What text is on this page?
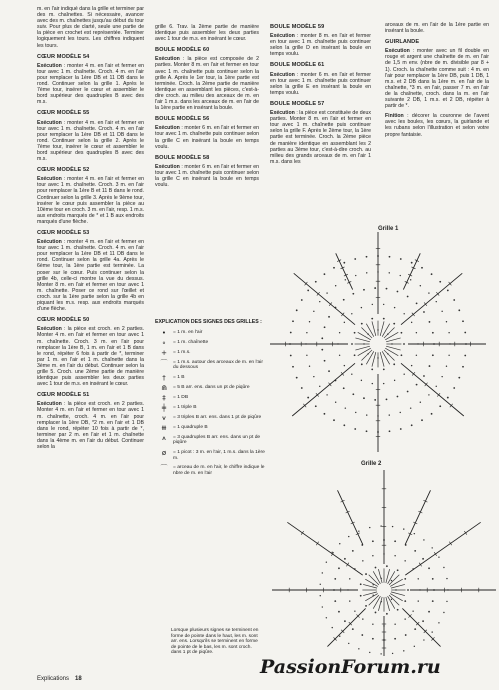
m. en l'air indiqué dans la grille et terminer par des m. chaînettes. Si nécessaire, avancer avec des m. chaînettes jusqu'au début du tour suiv. Pour plus de clarté, seule une partie de la pièce en crochet est représentée. Terminer logiquement les tours. Les chiffres indiquent les tours.

CŒUR MODÈLE 54

Exécution : monter 4 m. en l'air et fermer en tour avec 1 m. chaînette. Croch. 4 m. en l'air pour remplacer la 1ère DB et 11 DB dans le rond. Continuer selon la grille 1. Après le 7ème tour, insérer le cœur et assembler le bord supérieur des quadruples B avec des m.s.

CŒUR MODÈLE 55

Exécution : monter 4 m. en l'air et fermer en tour avec 1 m. chaînette. Croch. 4 m. en l'air pour remplacer la 1ère DB et 11 DB dans le rond. Continuer selon la grille 2. Après le 7ème tour, insérer le cœur et assembler le bord supérieur des quadruples B avec des m.s.

CŒUR MODÈLE 52

Exécution : monter 4 m. en l'air et fermer en tour avec 1 m. chaînette. Croch. 3 m. en l'air pour remplacer la 1ère B et 11 B dans le rond. Continuer selon la grille 3. Après le 9ème tour, insérer le cœur puis assembler la pièce au 10ème tour en croch. 3 m. en l'air, resp. 1 m.s. aux endroits marqués de * et 1 B aux endroits marqués d'une flèche.

CŒUR MODÈLE 53

Exécution : monter 4 m. en l'air et fermer en tour avec 1 m. chaînette. Croch. 4 m. en l'air pour remplacer la 1ère DB et 11 DB dans le rond. Continuer selon la grille 4a. Après le 6ème tour, la 1ère partie est terminée. La poser sur le cœur. Puis continuer selon la grille 4b, celle-ci montre la vue du dessus. Monter 8 m. en l'air et fermer en tour avec 1 m. chaînette. Poser ce rond sur l'œillet et croch. sur la 1ère partie selon la grille 4b en piquant les m.s. resp. aux endroits marqués d'une flèche.

CŒUR MODÈLE 50

Exécution : la pièce est croch. en 2 parties. Monter 4 m. en l'air et fermer en tour avec 1 m. chaînette. Croch. 3 m. en l'air pour remplacer la 1ère B, 1 m. en l'air et 1 B dans le rond, répéter 6 fois à partir de *, terminer par 1 m. en l'air et 1 m. chaînette dans la 3ème m. en l'air du début. Continuer selon la grille 5. Croch. une 2ème partie de manière identique puis assembler les deux parties avec 1 tour de m.s. en insérant le cœur.

CŒUR MODÈLE 51

Exécution : la pièce est croch. en 2 parties. Monter 4 m. en l'air et fermer en tour avec 1 m. chaînette, croch. 4 m. en l'air pour remplacer la 1ère DB, *2 m. en l'air et 1 DB dans le rond, répéter 10 fois à partir de *, terminer par 2 m. en l'air et 1 m. chaînette dans la 4ème m. en l'air du début. Continuer selon la

grille 6. Trav. la 2ème partie de manière identique puis assembler les deux parties avec 1 tour de m.s. en insérant le cœur.

BOULE MODÈLE 60

Exécution : la pièce est composée de 2 parties. Monter 8 m. en l'air et fermer en tour avec 1 m. chaînette puis continuer selon la grille A. Après le 1er tour, la 1ère partie est terminée. Croch. la 2ème partie de manière identique en assemblant les pièces, c'est-à-dire croch. au milieu des arceaux de m. en l'air 1 m.s. dans les arceaux de m. en l'air de la 1ère partie en insérant la boule.

BOULE MODÈLE 56

Exécution : monter 6 m. en l'air et fermer en tour avec 1 m. chaînette puis continuer selon la grille C en insérant la boule en temps voulu.

BOULE MODÈLE 58

Exécution : monter 6 m. en l'air et fermer en tour avec 1 m. chaînette puis continuer selon la grille C en insérant la boule en temps voulu.

EXPLICATION DES SIGNES DES GRILLES :
•	= 1 m. en l'air
∘	= 1 m. chaînette
+	= 1 m.s.
⌒	= 1 m.s. autour des arceaux de m. en l'air du dessous
†	= 1 B
⋒	= 5 B arr. ens. dans un pt de piqûre
‡	= 1 DB
╪	= 1 triple B
⩛	= 3 triples B arr. ens. dans 1 pt de piqûre
⧻	= 1 quadruple B
⩚	= 3 quadruples B arr. ens. dans un pt de piqûre
ø	= 1 picot : 3 m. en l'air, 1 m.s. dans la 1ère m.
⌒	= arceau de m. en l'air, le chiffre indique le nbre de m. en l'air
Lorsque plusieurs signes se terminent en forme de pointe dans le haut, les m. sont arr. ens. Lorsqu'ils se terminent en forme de pointe de le bas, les m. sont croch. dans 1 pt de piqûre.
BOULE MODÈLE 59

Exécution : monter 8 m. en l'air et fermer en tour avec 1 m. chaînette puis continuer selon la grille D en insérant la boule en temps voulu.

BOULE MODÈLE 61

Exécution : monter 6 m. en l'air et fermer en tour avec 1 m. chaînette puis continuer selon la grille E en insérant la boule en temps voulu.

BOULE MODÈLE 57

Exécution : la pièce est constituée de deux parties. Monter 8 m. en l'air et fermer en tour avec 1 m. chaînette puis continuer selon la grille F. Après le 2ème tour, la 1ère partie est terminée. Croch. la 2ème pièce de manière identique en assemblant les 2 parties au 3ème tour, c'est-à-dire croch. au milieu des grands arceaux de m. en l'air 1 m.s. dans les

arceaux de m. en l'air de la 1ère partie en insérant la boule.

GUIRLANDE

Exécution : monter avec un fil double en rouge et argent une chaînette de m. en l'air de 1,5 m env. (nbre de m. divisible par 8 + 1). Croch. la chaînette comme suit : 4 m. en l'air pour remplacer la 1ère DB, puis 1 DB, 1 m.s. et 2 DB dans la 1ère m. en l'air de la chaînette, *3 m. en l'air, passer 7 m. en l'air de la chaînette, croch. dans la m. en l'air suivante 2 DB, 1 m.s. et 2 DB, répéter à partir de *.

Finition : décorer la couronne de l'avent avec les boules, les cœurs, la guirlande et les rubans selon l'illustration et selon votre propre fantaisie.

Grille 1
Grille 2
PassionForum.ru
Explications 18
